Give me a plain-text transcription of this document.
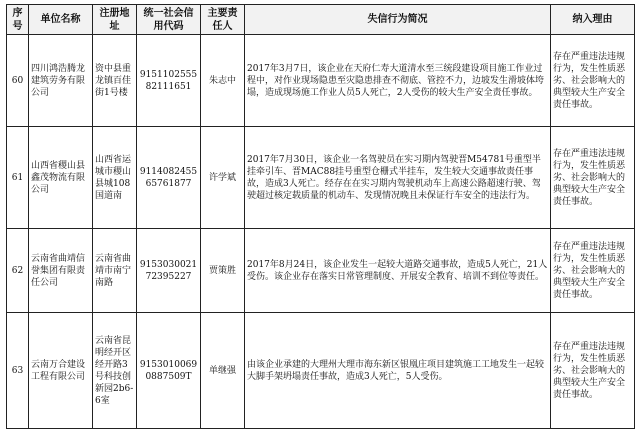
序号	单位名称	注册地址	统一社会信用代码	主要责任人	失信行为简况	纳入理由
60	四川鸿浩腾龙建筑劳务有限公司	资中县重龙镇百佳街1号楼	915110255582111651	朱志中	2017年3月7日，该企业在天府仁寿大道清水至三统段建设项目施工作业过程中，对作业现场隐患至灾隐患排查不彻底、管控不力，边坡发生滑坡体垮塌，造成现场施工作业人员5人死亡，2人受伤的较大生产安全责任事故。	存在严重违法违规行为，发生性质恶劣、社会影响大的典型较大生产安全责任事故。
61	山西省稷山县鑫茂物流有限公司	山西省运城市稷山县城108国道南	911408245565761877	许学斌	2017年7月30日，该企业一名驾驶员在实习期内驾驶晋M54781号重型半挂牵引车、晋MAC88挂号重型仓栅式半挂车，发生较大交通事故责任事故，造成3人死亡。经存在在实习期内驾驶机动车上高速公路超速行驶、驾驶超过核定载质量的机动车、发现情况晚且未保证行车安全的违法行为。	存在严重违法违规行为，发生性质恶劣、社会影响大的典型较大生产安全责任事故。
62	云南省曲靖信誉集团有限责任公司	云南省曲靖市南宁南路	915303002172395227	贾策胜	2017年8月24日，该企业发生一起较大道路交通事故，造成5人死亡，21人受伤。该企业存在落实日常管理制度、开展安全教育、培训不到位等责任。	存在严重违法违规行为，发生性质恶劣、社会影响大的典型较大生产安全责任事故。
63	云南万合建设工程有限公司	云南省昆明经开区经开路3号科技创新园2b6-6室	91530100690887509T	单继强	由该企业承建的大理州大理市海东新区银凰庄项目建筑施工工地发生一起较大脚手架坍塌责任事故，造成3人死亡，5人受伤。	存在严重违法违规行为，发生性质恶劣、社会影响大的典型较大生产安全责任事故。
